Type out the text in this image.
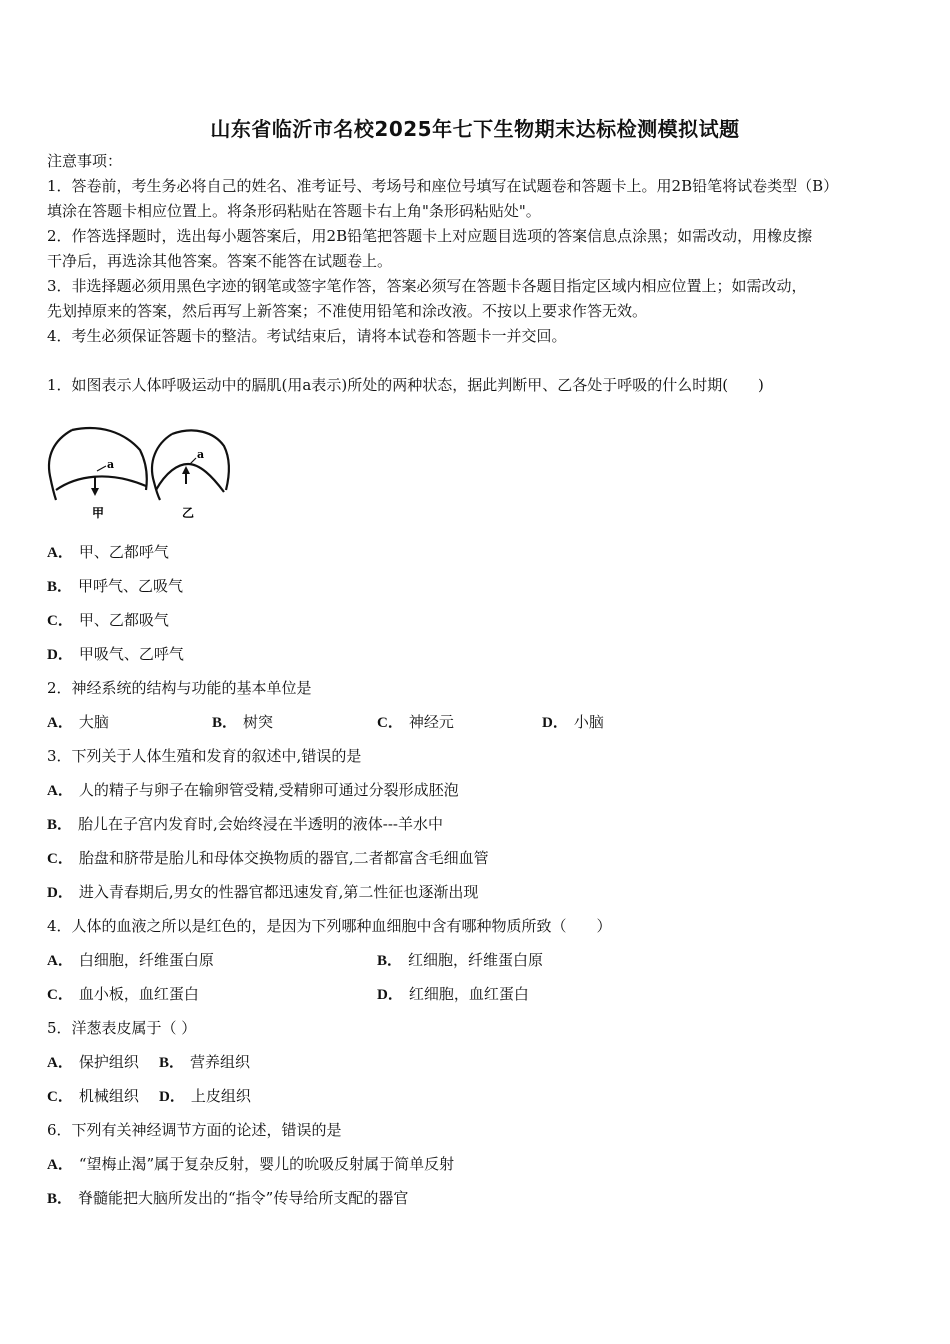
山东省临沂市名校2025年七下生物期末达标检测模拟试题
注意事项：
1．答卷前，考生务必将自己的姓名、准考证号、考场号和座位号填写在试题卷和答题卡上。用2B铅笔将试卷类型（B）
填涂在答题卡相应位置上。将条形码粘贴在答题卡右上角"条形码粘贴处"。
2．作答选择题时，选出每小题答案后，用2B铅笔把答题卡上对应题目选项的答案信息点涂黑；如需改动，用橡皮擦
干净后，再选涂其他答案。答案不能答在试题卷上。
3．非选择题必须用黑色字迹的钢笔或签字笔作答，答案必须写在答题卡各题目指定区域内相应位置上；如需改动，
先划掉原来的答案，然后再写上新答案；不准使用铅笔和涂改液。不按以上要求作答无效。
4．考生必须保证答题卡的整洁。考试结束后，请将本试卷和答题卡一并交回。
1．如图表示人体呼吸运动中的膈肌(用a表示)所处的两种状态，据此判断甲、乙各处于呼吸的什么时期(　　)
a
甲
a
乙
A． 甲、乙都呼气
B． 甲呼气、乙吸气
C． 甲、乙都吸气
D． 甲吸气、乙呼气
2．神经系统的结构与功能的基本单位是
A． 大脑	B． 树突	C． 神经元	D． 小脑
3．下列关于人体生殖和发育的叙述中,错误的是
A． 人的精子与卵子在输卵管受精,受精卵可通过分裂形成胚泡
B． 胎儿在子宫内发育时,会始终浸在半透明的液体---羊水中
C． 胎盘和脐带是胎儿和母体交换物质的器官,二者都富含毛细血管
D． 进入青春期后,男女的性器官都迅速发育,第二性征也逐渐出现
4．人体的血液之所以是红色的，是因为下列哪种血细胞中含有哪种物质所致（　　）
A． 白细胞，纤维蛋白原	B． 红细胞，纤维蛋白原
C． 血小板，血红蛋白	D． 红细胞，血红蛋白
5．洋葱表皮属于（ ）
A． 保护组织 B． 营养组织
C． 机械组织 D． 上皮组织
6．下列有关神经调节方面的论述，错误的是
A． “望梅止渴”属于复杂反射，婴儿的吮吸反射属于简单反射
B． 脊髓能把大脑所发出的“指令”传导给所支配的器官
